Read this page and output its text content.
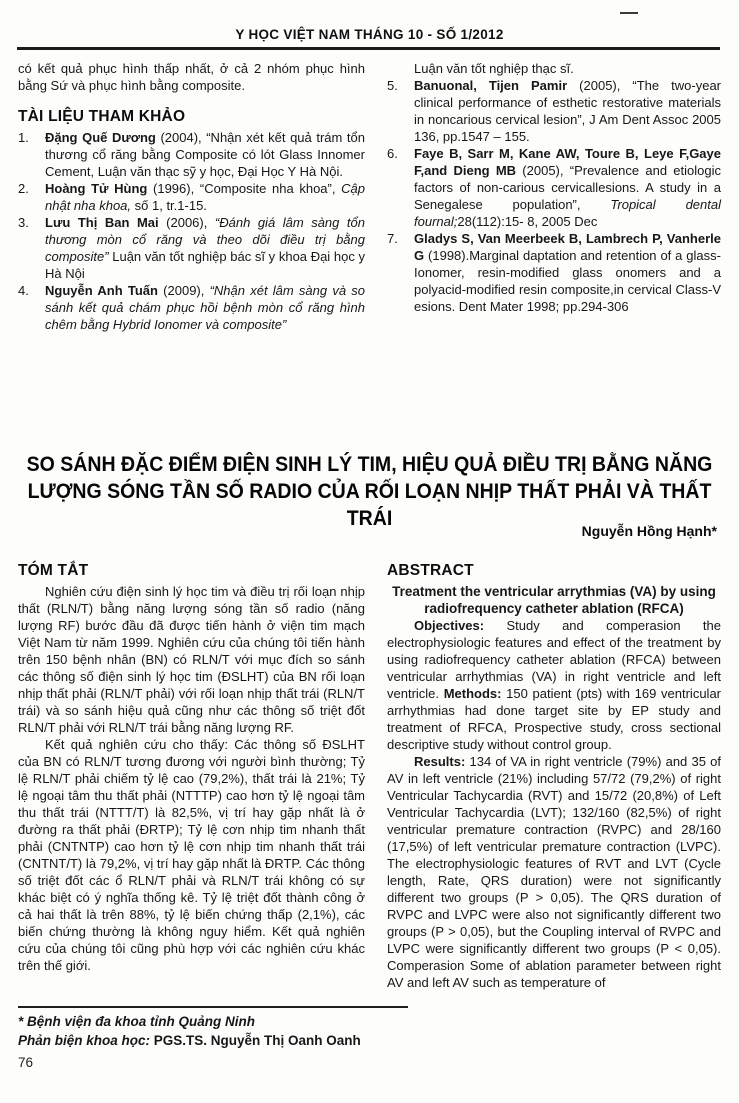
Y HỌC VIỆT NAM THÁNG 10 - SỐ 1/2012

có kết quả phục hình thấp nhất, ở cả 2 nhóm phục hình bằng Sứ và phục hình bằng composite.

TÀI LIỆU THAM KHẢO

1. Đặng Quế Dương (2004), “Nhận xét kết quả trám tổn thương cổ răng bằng Composite có lót Glass Innomer Cement, Luận văn thạc sỹ y học, Đại Học Y Hà Nội.

2. Hoàng Tử Hùng (1996), “Composite nha khoa”, Cập nhật nha khoa, số 1, tr.1-15.

3. Lưu Thị Ban Mai (2006), “Đánh giá lâm sàng tổn thương mòn cổ răng và theo dõi điều trị bằng composite” Luận văn tốt nghiệp bác sĩ y khoa Đại học y Hà Nội

4. Nguyễn Anh Tuấn (2009), “Nhận xét lâm sàng và so sánh kết quả chám phục hồi bệnh mòn cổ răng hình chêm bằng Hybrid Ionomer và composite”

Luận văn tốt nghiệp thạc sĩ.

5. Banuonal, Tijen Pamir (2005), “The two-year clinical performance of esthetic restorative materials in noncarious cervical lesion”, J Am Dent Assoc 2005 136, pp.1547 – 155.

6. Faye B, Sarr M, Kane AW, Toure B, Leye F,Gaye F,and Dieng MB (2005), “Prevalence and etiologic factors of non-carious cervicallesions. A study in a Senegalese population”, Tropical dental fournal;28(112):15- 8, 2005 Dec

7. Gladys S, Van Meerbeek B, Lambrech P, Vanherle G (1998).Marginal daptation and retention of a glass-Ionomer, resin-modified glass onomers and a polyacid-modified resin composite,in cervical Class-V esions. Dent Mater 1998; pp.294-306

SO SÁNH ĐẶC ĐIỂM ĐIỆN SINH LÝ TIM, HIỆU QUẢ ĐIỀU TRỊ BẰNG NĂNG LƯỢNG SÓNG TẦN SỐ RADIO CỦA RỐI LOẠN NHỊP THẤT PHẢI VÀ THẤT TRÁI
Nguyễn Hồng Hạnh*
TÓM TẮT

Nghiên cứu điện sinh lý học tim và điều trị rối loạn nhịp thất (RLN/T) bằng năng lượng sóng tần số radio (năng lượng RF) bước đầu đã được tiến hành ở viện tim mạch Việt Nam từ năm 1999. Nghiên cứu của chúng tôi tiến hành trên 150 bệnh nhân (BN) có RLN/T với mục đích so sánh các thông số điện sinh lý học tim (ĐSLHT) của BN rối loạn nhịp thất phải (RLN/T phải) với rối loạn nhịp thất trái (RLN/T trái) và so sánh hiệu quả cũng như các thông số triệt đốt RLN/T phải với RLN/T trái bằng năng lượng RF.

Kết quả nghiên cứu cho thấy: Các thông số ĐSLHT của BN có RLN/T tương đương với người bình thường; Tỷ lệ RLN/T phải chiếm tỷ lệ cao (79,2%), thất trái là 21%; Tỷ lệ ngoại tâm thu thất phải (NTTTP) cao hơn tỷ lệ ngoại tâm thu thất trái (NTTT/T) là 82,5%, vị trí hay gặp nhất là ở đường ra thất phải (ĐRTP); Tỷ lệ cơn nhịp tim nhanh thất phải (CNTNTP) cao hơn tỷ lệ cơn nhịp tim nhanh thất trái (CNTNT/T) là 79,2%, vị trí hay gặp nhất là ĐRTP. Các thông số triệt đốt các ổ RLN/T phải và RLN/T trái không có sự khác biệt có ý nghĩa thống kê. Tỷ lệ triệt đốt thành công ở cả hai thất là trên 88%, tỷ lệ biến chứng thấp (2,1%), các biến chứng thường là không nguy hiểm. Kết quả nghiên cứu của chúng tôi cũng phù hợp với các nghiên cứu khác trên thế giới.

ABSTRACT

Treatment the ventricular arrythmias (VA) by using radiofrequency catheter ablation (RFCA)

Objectives: Study and comperasion the electrophysiologic features and effect of the treatment by using radiofrequency catheter ablation (RFCA) between ventricular arrhythmias (VA) in right ventricle and left ventricle. Methods: 150 patient (pts) with 169 ventricular arrhythmias had done target site by EP study and treatment of RFCA, Prospective study, cross sectional descriptive study without control group.

Results: 134 of VA in right ventricle (79%) and 35 of AV in left ventricle (21%) including 57/72 (79,2%) of right Ventricular Tachycardia (RVT) and 15/72 (20,8%) of Left Ventricular Tachycardia (LVT); 132/160 (82,5%) of right ventricular premature contraction (RVPC) and 28/160 (17,5%) of left ventricular premature contraction (LVPC). The electrophysiologic features of RVT and LVT (Cycle length, Rate, QRS duration) were not significantly different two groups (P > 0,05). The QRS duration of RVPC and LVPC were also not significantly different two groups (P > 0,05), but the Coupling interval of RVPC and LVPC were significantly different two groups (P < 0,05). Comperasion Some of ablation parameter between right AV and left AV such as temperature of

* Bệnh viện đa khoa tỉnh Quảng Ninh
Phản biện khoa học: PGS.TS. Nguyễn Thị Oanh Oanh
76
